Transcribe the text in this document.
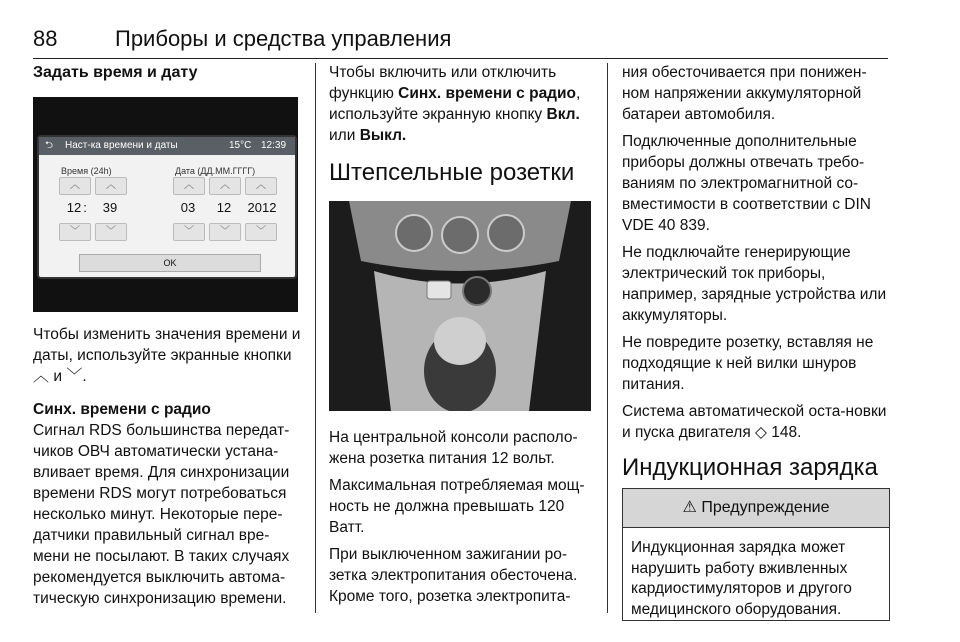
88	Приборы и средства управления
Задать время и дату
⮌ Наст-ка времени и даты	15°C 12:39
Время (24h)	Дата (ДД.ММ.ГГГГ)
︿	︿	︿	︿	︿
12 :	39	03	12	2012
﹀	﹀	﹀	﹀	﹀
OK

Чтобы изменить значения времени и даты, используйте экранные кнопки ︿ и ﹀.

Синх. времени с радио

Сигнал RDS большинства передат-чиков ОВЧ автоматически устана-вливает время. Для синхронизации времени RDS могут потребоваться несколько минут. Некоторые пере-датчики правильный сигнал вре-мени не посылают. В таких случаях рекомендуется выключить автома-тическую синхронизацию времени.

Чтобы включить или отключить функцию Синх. времени с радио, используйте экранную кнопку Вкл. или Выкл.

Штепсельные розетки

На центральной консоли располо-жена розетка питания 12 вольт.

Максимальная потребляемая мощ-ность не должна превышать 120 Ватт.

При выключенном зажигании ро-зетка электропитания обесточена. Кроме того, розетка электропита-

ния обесточивается при понижен-ном напряжении аккумуляторной батареи автомобиля.

Подключенные дополнительные приборы должны отвечать требо-ваниям по электромагнитной со-вместимости в соответствии с DIN VDE 40 839.

Не подключайте генерирующие электрический ток приборы, например, зарядные устройства или аккумуляторы.

Не повредите розетку, вставляя не подходящие к ней вилки шнуров питания.

Система автоматической оста-новки и пуска двигателя ◇ 148.

Индукционная зарядка
⚠ Предупреждение
Индукционная зарядка может нарушить работу вживленных кардиостимуляторов и другого медицинского оборудования.
